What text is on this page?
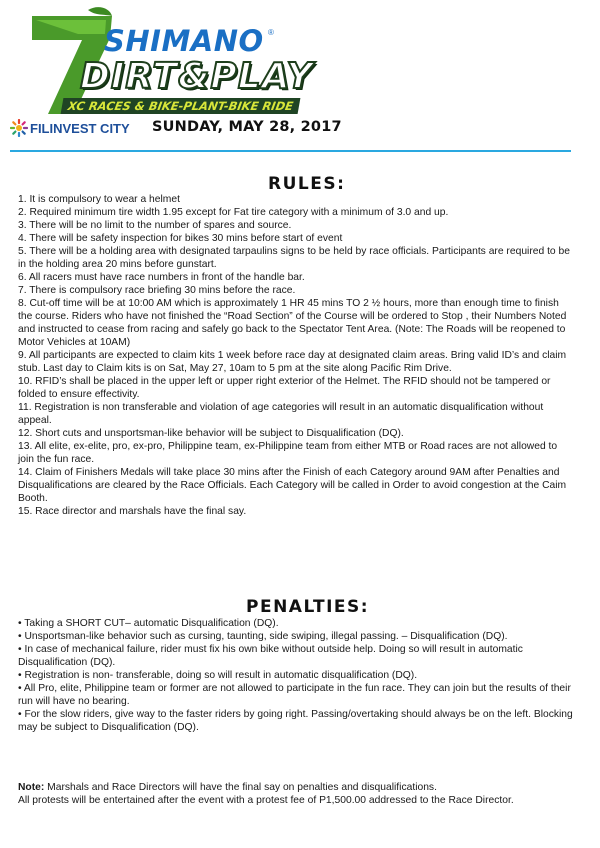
SHIMANO ®
DIRT&PLAY
XC RACES & BIKE-PLANT-BIKE RIDE
FILINVEST CITY SUNDAY, MAY 28, 2017
RULES:
1. It is compulsory to wear a helmet
2. Required minimum tire width 1.95 except for Fat tire category with a minimum of 3.0 and up.
3. There will be no limit to the number of spares and source.
4. There will be safety inspection for bikes 30 mins before start of event
5. There will be a holding area with designated tarpaulins signs to be held by race officials. Participants are required to be in the holding area 20 mins before gunstart.
6. All racers must have race numbers in front of the handle bar.
7. There is compulsory race briefing 30 mins before the race.
8. Cut-off time will be at 10:00 AM which is approximately 1 HR 45 mins TO 2 ½ hours, more than enough time to finish the course. Riders who have not finished the “Road Section” of the Course will be ordered to Stop , their Numbers Noted and instructed to cease from racing and safely go back to the Spectator Tent Area. (Note: The Roads will be reopened to Motor Vehicles at 10AM)
9. All participants are expected to claim kits 1 week before race day at designated claim areas. Bring valid ID’s and claim stub. Last day to Claim kits is on Sat, May 27, 10am to 5 pm at the site along Pacific Rim Drive.
10. RFID’s shall be placed in the upper left or upper right exterior of the Helmet. The RFID should not be tampered or folded to ensure effectivity.
11. Registration is non transferable and violation of age categories will result in an automatic disqualification without appeal.
12. Short cuts and unsportsman-like behavior will be subject to Disqualification (DQ).
13. All elite, ex-elite, pro, ex-pro, Philippine team, ex-Philippine team from either MTB or Road races are not allowed to join the fun race.
14. Claim of Finishers Medals will take place 30 mins after the Finish of each Category around 9AM after Penalties and Disqualifications are cleared by the Race Officials. Each Category will be called in Order to avoid congestion at the Caim Booth.
15. Race director and marshals have the final say.
PENALTIES:
• Taking a SHORT CUT– automatic Disqualification (DQ).
• Unsportsman-like behavior such as cursing, taunting, side swiping, illegal passing. – Disqualification (DQ).
• In case of mechanical failure, rider must fix his own bike without outside help. Doing so will result in automatic Disqualification (DQ).
• Registration is non- transferable, doing so will result in automatic disqualification (DQ).
• All Pro, elite, Philippine team or former are not allowed to participate in the fun race. They can join but the results of their run will have no bearing.
• For the slow riders, give way to the faster riders by going right. Passing/overtaking should always be on the left. Blocking may be subject to Disqualification (DQ).
Note: Marshals and Race Directors will have the final say on penalties and disqualifications.
All protests will be entertained after the event with a protest fee of P1,500.00 addressed to the Race Director.
